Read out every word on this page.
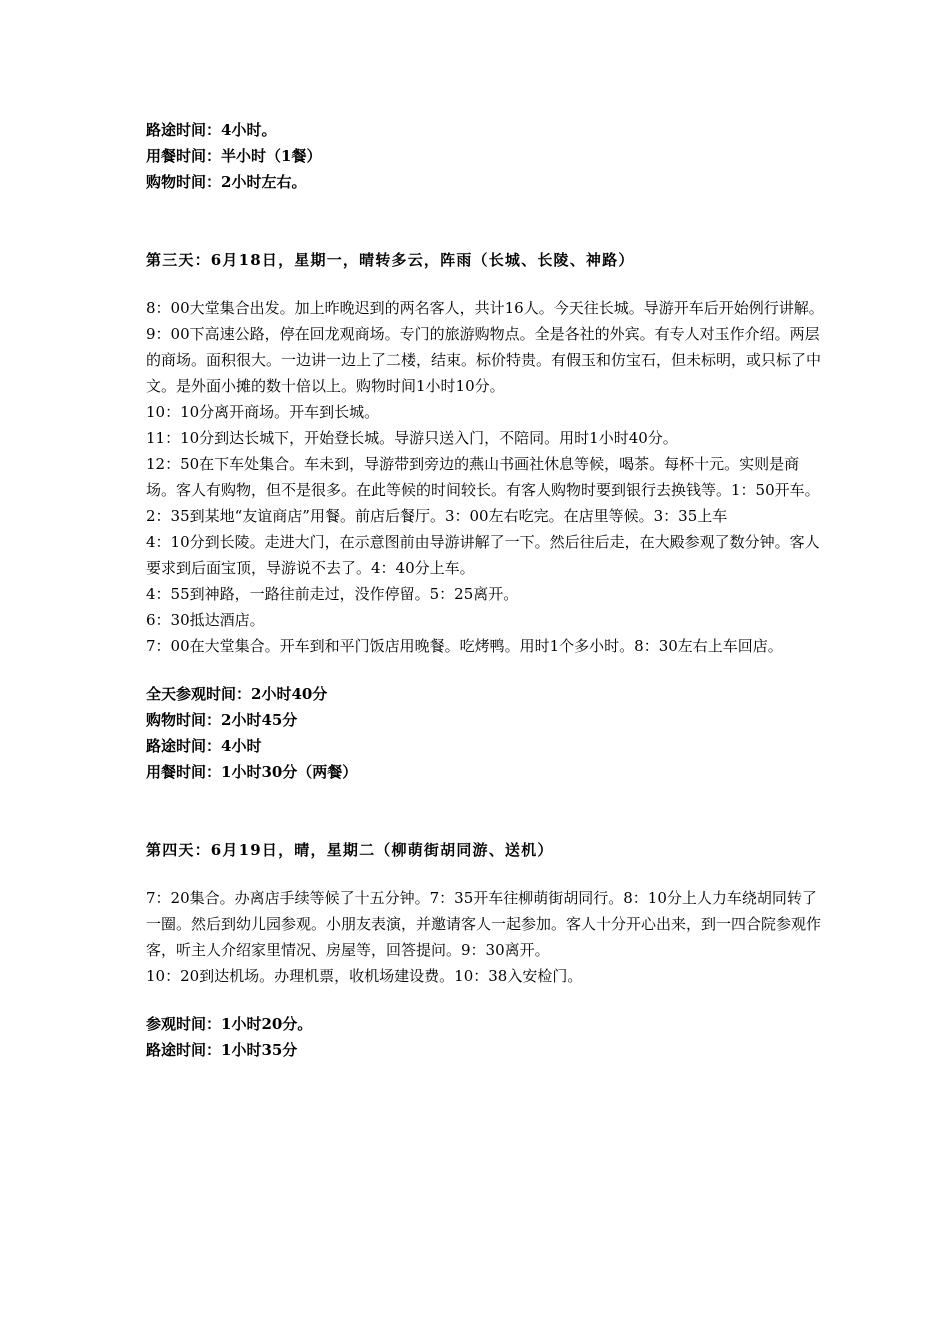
路途时间：4小时。

用餐时间：半小时（1餐）

购物时间：2小时左右。

第三天：6月18日，星期一，晴转多云，阵雨（长城、长陵、神路）

8：00大堂集合出发。加上昨晚迟到的两名客人，共计16人。今天往长城。导游开车后开始例行讲解。

9：00下高速公路，停在回龙观商场。专门的旅游购物点。全是各社的外宾。有专人对玉作介绍。两层的商场。面积很大。一边讲一边上了二楼，结束。标价特贵。有假玉和仿宝石，但未标明，或只标了中文。是外面小摊的数十倍以上。购物时间1小时10分。

10：10分离开商场。开车到长城。

11：10分到达长城下，开始登长城。导游只送入门，不陪同。用时1小时40分。

12：50在下车处集合。车未到，导游带到旁边的燕山书画社休息等候，喝茶。每杯十元。实则是商场。客人有购物，但不是很多。在此等候的时间较长。有客人购物时要到银行去换钱等。1：50开车。

2：35到某地“友谊商店”用餐。前店后餐厅。3：00左右吃完。在店里等候。3：35上车

4：10分到长陵。走进大门，在示意图前由导游讲解了一下。然后往后走，在大殿参观了数分钟。客人要求到后面宝顶，导游说不去了。4：40分上车。

4：55到神路，一路往前走过，没作停留。5：25离开。

6：30抵达酒店。

7：00在大堂集合。开车到和平门饭店用晚餐。吃烤鸭。用时1个多小时。8：30左右上车回店。

全天参观时间：2小时40分

购物时间：2小时45分

路途时间：4小时

用餐时间：1小时30分（两餐）

第四天：6月19日，晴，星期二（柳萌街胡同游、送机）

7：20集合。办离店手续等候了十五分钟。7：35开车往柳萌街胡同行。8：10分上人力车绕胡同转了一圈。然后到幼儿园参观。小朋友表演，并邀请客人一起参加。客人十分开心出来，到一四合院参观作客，听主人介绍家里情况、房屋等，回答提问。9：30离开。

10：20到达机场。办理机票，收机场建设费。10：38入安检门。

参观时间：1小时20分。

路途时间：1小时35分
